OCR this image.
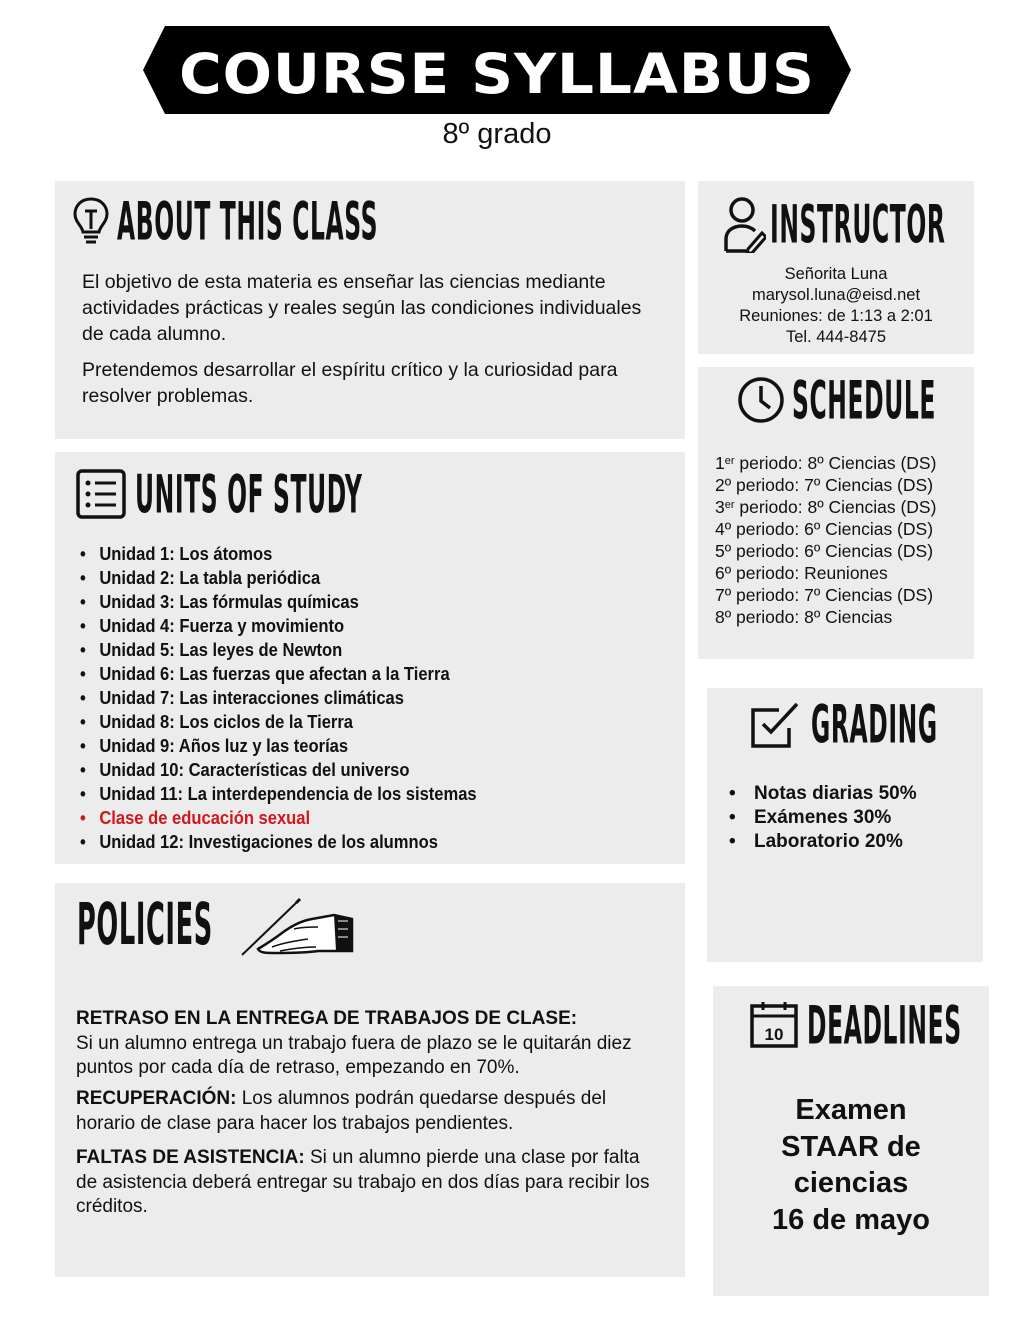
COURSE SYLLABUS
8º grado
ABOUT THIS CLASS

El objetivo de esta materia es enseñar las ciencias mediante actividades prácticas y reales según las condiciones individuales de cada alumno.

Pretendemos desarrollar el espíritu crítico y la curiosidad para resolver problemas.

UNITS OF STUDY
• Unidad 1: Los átomos
• Unidad 2: La tabla periódica
• Unidad 3: Las fórmulas químicas
• Unidad 4: Fuerza y movimiento
• Unidad 5: Las leyes de Newton
• Unidad 6: Las fuerzas que afectan a la Tierra
• Unidad 7: Las interacciones climáticas
• Unidad 8: Los ciclos de la Tierra
• Unidad 9: Años luz y las teorías
• Unidad 10: Características del universo
• Unidad 11: La interdependencia de los sistemas
• Clase de educación sexual
• Unidad 12: Investigaciones de los alumnos
POLICIES
RETRASO EN LA ENTREGA DE TRABAJOS DE CLASE:
Si un alumno entrega un trabajo fuera de plazo se le quitarán diez puntos por cada día de retraso, empezando en 70%.
RECUPERACIÓN: Los alumnos podrán quedarse después del horario de clase para hacer los trabajos pendientes.
FALTAS DE ASISTENCIA: Si un alumno pierde una clase por falta de asistencia deberá entregar su trabajo en dos días para recibir los créditos.
INSTRUCTOR
Señorita Luna
marysol.luna@eisd.net
Reuniones: de 1:13 a 2:01
Tel. 444-8475
SCHEDULE
1er periodo: 8º Ciencias (DS)
2º periodo: 7º Ciencias (DS)
3er periodo: 8º Ciencias (DS)
4º periodo: 6º Ciencias (DS)
5º periodo: 6º Ciencias (DS)
6º periodo: Reuniones
7º periodo: 7º Ciencias (DS)
8º periodo: 8º Ciencias
GRADING
• Notas diarias 50%
• Exámenes 30%
• Laboratorio 20%
10 DEADLINES
Examen
STAAR de
ciencias
16 de mayo
